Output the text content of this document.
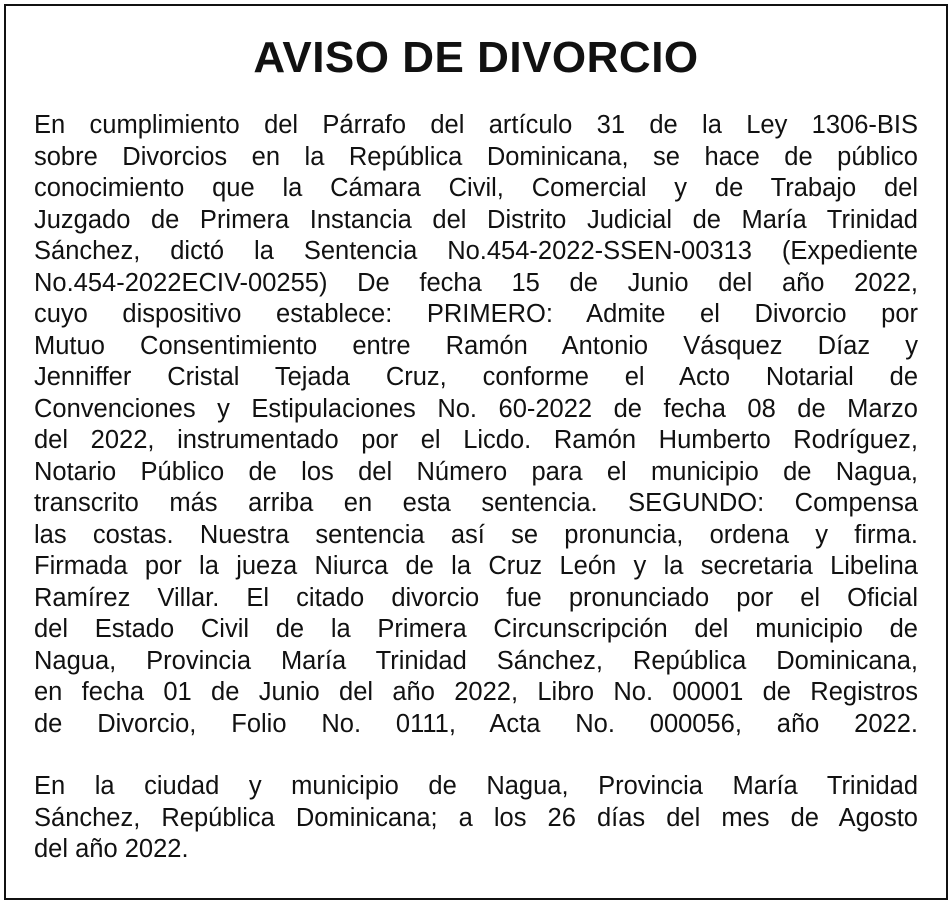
AVISO DE DIVORCIO

En cumplimiento del Párrafo del artículo 31 de la Ley 1306-BIS

sobre Divorcios en la República Dominicana, se hace de público

conocimiento que la Cámara Civil, Comercial y de Trabajo del

Juzgado de Primera Instancia del Distrito Judicial de María Trinidad

Sánchez, dictó la Sentencia No.454-2022-SSEN-00313 (Expediente

No.454-2022ECIV-00255) De fecha 15 de Junio del año 2022,

cuyo dispositivo establece: PRIMERO: Admite el Divorcio por

Mutuo Consentimiento entre Ramón Antonio Vásquez Díaz y

Jenniffer Cristal Tejada Cruz, conforme el Acto Notarial de

Convenciones y Estipulaciones No. 60-2022 de fecha 08 de Marzo

del 2022, instrumentado por el Licdo. Ramón Humberto Rodríguez,

Notario Público de los del Número para el municipio de Nagua,

transcrito más arriba en esta sentencia. SEGUNDO: Compensa

las costas. Nuestra sentencia así se pronuncia, ordena y firma.

Firmada por la jueza Niurca de la Cruz León y la secretaria Libelina

Ramírez Villar. El citado divorcio fue pronunciado por el Oficial

del Estado Civil de la Primera Circunscripción del municipio de

Nagua, Provincia María Trinidad Sánchez, República Dominicana,

en fecha 01 de Junio del año 2022, Libro No. 00001 de Registros

de Divorcio, Folio No. 0111, Acta No. 000056, año 2022.

En la ciudad y municipio de Nagua, Provincia María Trinidad

Sánchez, República Dominicana; a los 26 días del mes de Agosto

del año 2022.
